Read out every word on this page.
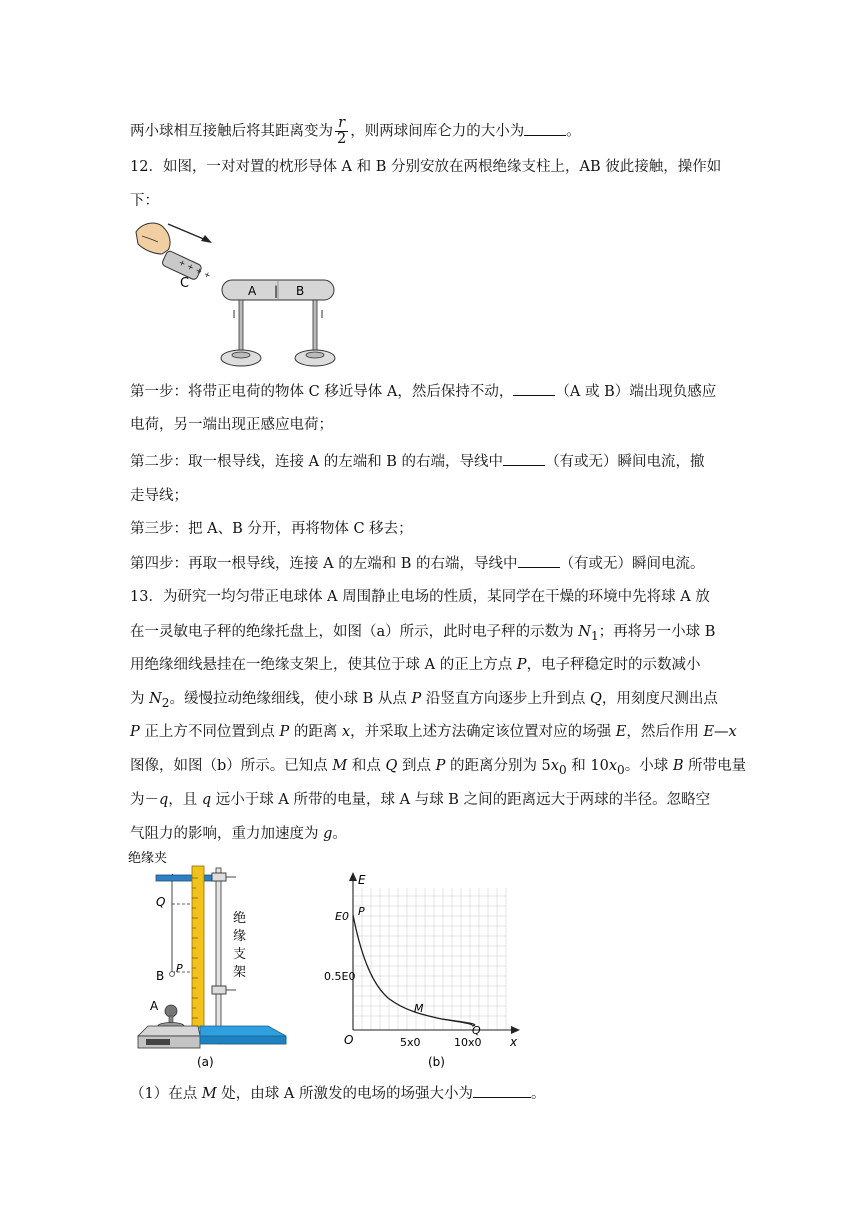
两小球相互接触后将其距离变为 $\frac{r}{2}$ ，则两球间库仑力的大小为	。
12．如图，一对对置的枕形导体 A 和 B 分别安放在两根绝缘支柱上，AB 彼此接触，操作如
下：
+ + + +
C	A | B
第一步：将带正电荷的物体 C 移近导体 A，然后保持不动，	（A 或 B）端出现负感应
电荷，另一端出现正感应电荷；
第二步：取一根导线，连接 A 的左端和 B 的右端，导线中	（有或无）瞬间电流，撤
走导线；
第三步：把 A、B 分开，再将物体 C 移去；
第四步：再取一根导线，连接 A 的左端和 B 的右端，导线中	（有或无）瞬间电流。
13．为研究一均匀带正电球体 A 周围静止电场的性质，某同学在干燥的环境中先将球 A 放
在一灵敏电子秤的绝缘托盘上，如图（a）所示，此时电子秤的示数为 $N_1$；再将另一小球 B
用绝缘细线悬挂在一绝缘支架上，使其位于球 A 的正上方点 P，电子秤稳定时的示数减小
为 $N_2$。缓慢拉动绝缘细线，使小球 B 从点 P 沿竖直方向逐步上升到点 Q，用刻度尺测出点
P 正上方不同位置到点 P 的距离 x，并采取上述方法确定该位置对应的场强 E，然后作用 E—x
图像，如图（b）所示。已知点 M 和点 Q 到点 P 的距离分别为 $5x_0$ 和 $10x_0$。小球 B 所带电量
为－q，且 q 远小于球 A 所带的电量，球 A 与球 B 之间的距离远大于两球的半径。忽略空
气阻力的影响，重力加速度为 g。
绝缘夹
绝
缘
支
架
Q
P
B
A
(a)
E
x
E0
0.5E0
O	5x0	10x0
P
M
Q
(b)
（1）在点 M 处，由球 A 所激发的电场的场强大小为	。
